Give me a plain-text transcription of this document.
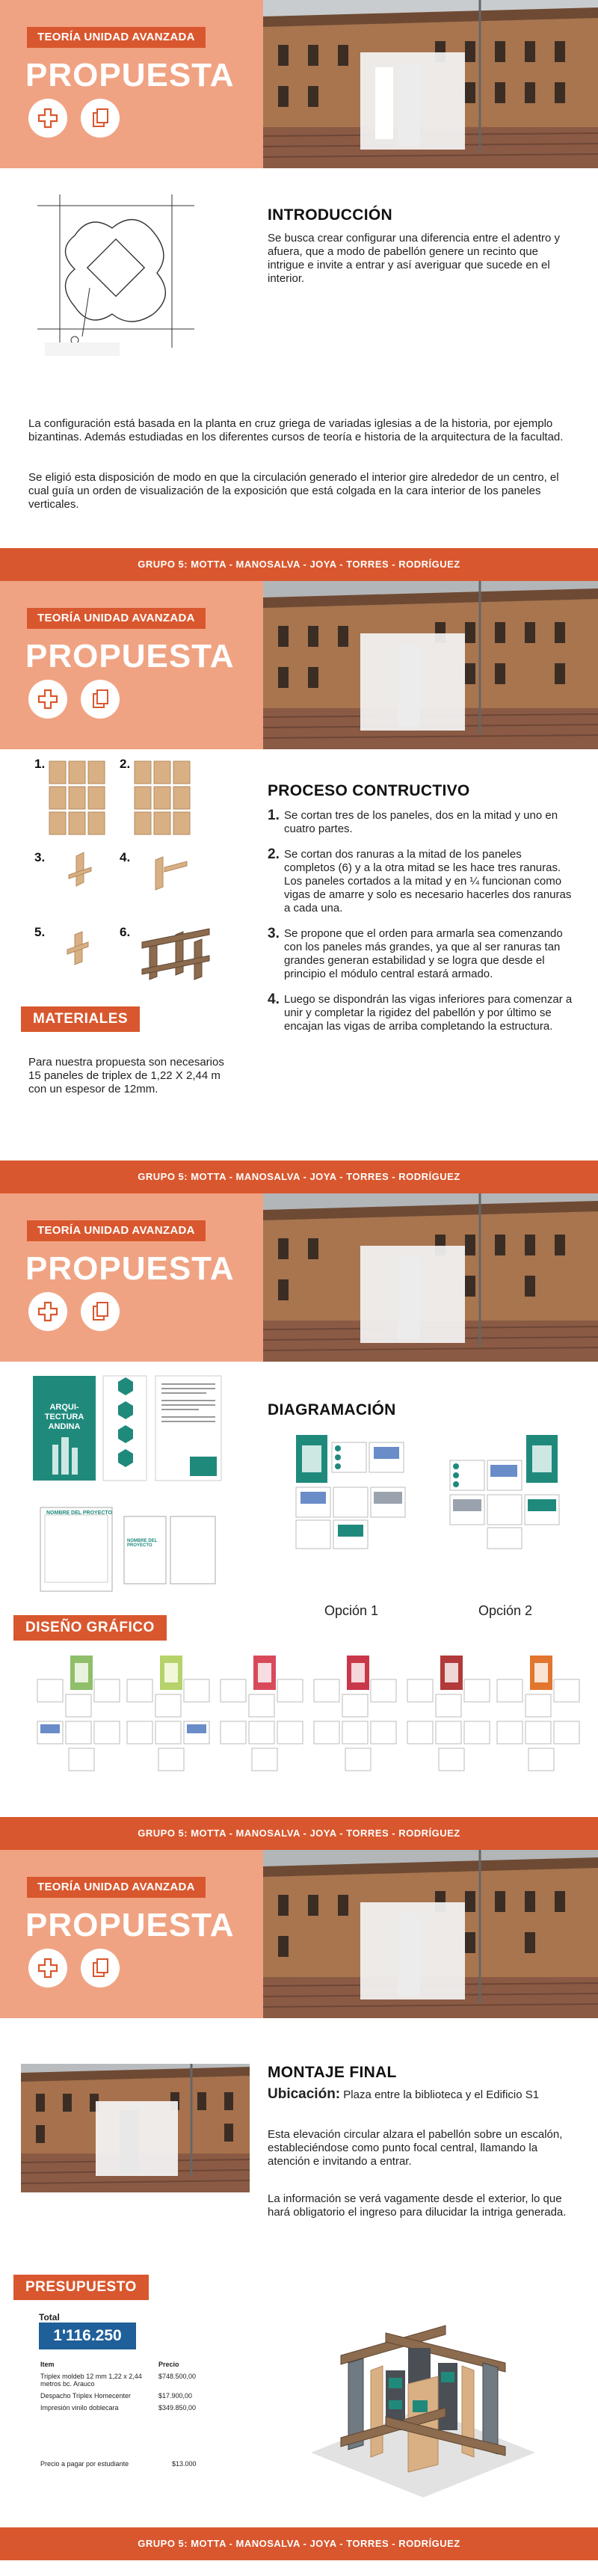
TEORÍA UNIDAD AVANZADA
PROPUESTA
INTRODUCCIÓN
Se busca crear configurar una diferencia entre el adentro y afuera, que a modo de pabellón genere un recinto que intrigue e invite a entrar y así averiguar que sucede en el interior.
La configuración está basada en la planta en cruz griega de variadas iglesias a de la historia, por ejemplo bizantinas. Además estudiadas en los diferentes cursos de teoría e historia de la arquitectura de la facultad.
Se eligió esta disposición de modo en que la circulación generado el interior gire alrededor de un centro, el cual guía un orden de visualización de la exposición que está colgada en la cara interior de los paneles verticales.
GRUPO 5: MOTTA - MANOSALVA - JOYA - TORRES - RODRÍGUEZ
TEORÍA UNIDAD AVANZADA
PROPUESTA
1.	2.
3.	4.
5.	6.
MATERIALES
Para nuestra propuesta son necesarios 15 paneles de triplex de 1,22 X 2,44 m con un espesor de 12mm.
PROCESO CONTRUCTIVO
1. Se cortan tres de los paneles, dos en la mitad y uno en cuatro partes.
2. Se cortan dos ranuras a la mitad de los paneles completos (6) y a la otra mitad se les hace tres ranuras. Los paneles cortados a la mitad y en ¼ funcionan como vigas de amarre y solo es necesario hacerles dos ranuras a cada una.
3. Se propone que el orden para armarla sea comenzando con los paneles más grandes, ya que al ser ranuras tan grandes generan estabilidad y se logra que desde el principio el módulo central estará armado.
4. Luego se dispondrán las vigas inferiores para comenzar a unir y completar la rigidez del pabellón y por último se encajan las vigas de arriba completando la estructura.
GRUPO 5: MOTTA - MANOSALVA - JOYA - TORRES - RODRÍGUEZ
TEORÍA UNIDAD AVANZADA
PROPUESTA
ARQUI-TECTURA ANDINA
NOMBRE DEL PROYECTO
NOMBRE DEL PROYECTO
DIAGRAMACIÓN
Opción 1	Opción 2
DISEÑO GRÁFICO
GRUPO 5: MOTTA - MANOSALVA - JOYA - TORRES - RODRÍGUEZ
TEORÍA UNIDAD AVANZADA
PROPUESTA
MONTAJE FINAL
Ubicación: Plaza entre la biblioteca y el Edificio S1
Esta elevación circular alzara el pabellón sobre un escalón, estableciéndose como punto focal central, llamando la atención e invitando a entrar.
La información se verá vagamente desde el exterior, lo que hará obligatorio el ingreso para dilucidar la intriga generada.
PRESUPUESTO
Total
1'116.250
Item	Precio
Triplex moldeb 12 mm 1,22 x 2,44 metros bc. Arauco	$748.500,00
Despacho Triplex Homecenter	$17.900,00
Impresión vinilo doblecara	$349.850,00
Precio a pagar por estudiante	$13.000
GRUPO 5: MOTTA - MANOSALVA - JOYA - TORRES - RODRÍGUEZ
